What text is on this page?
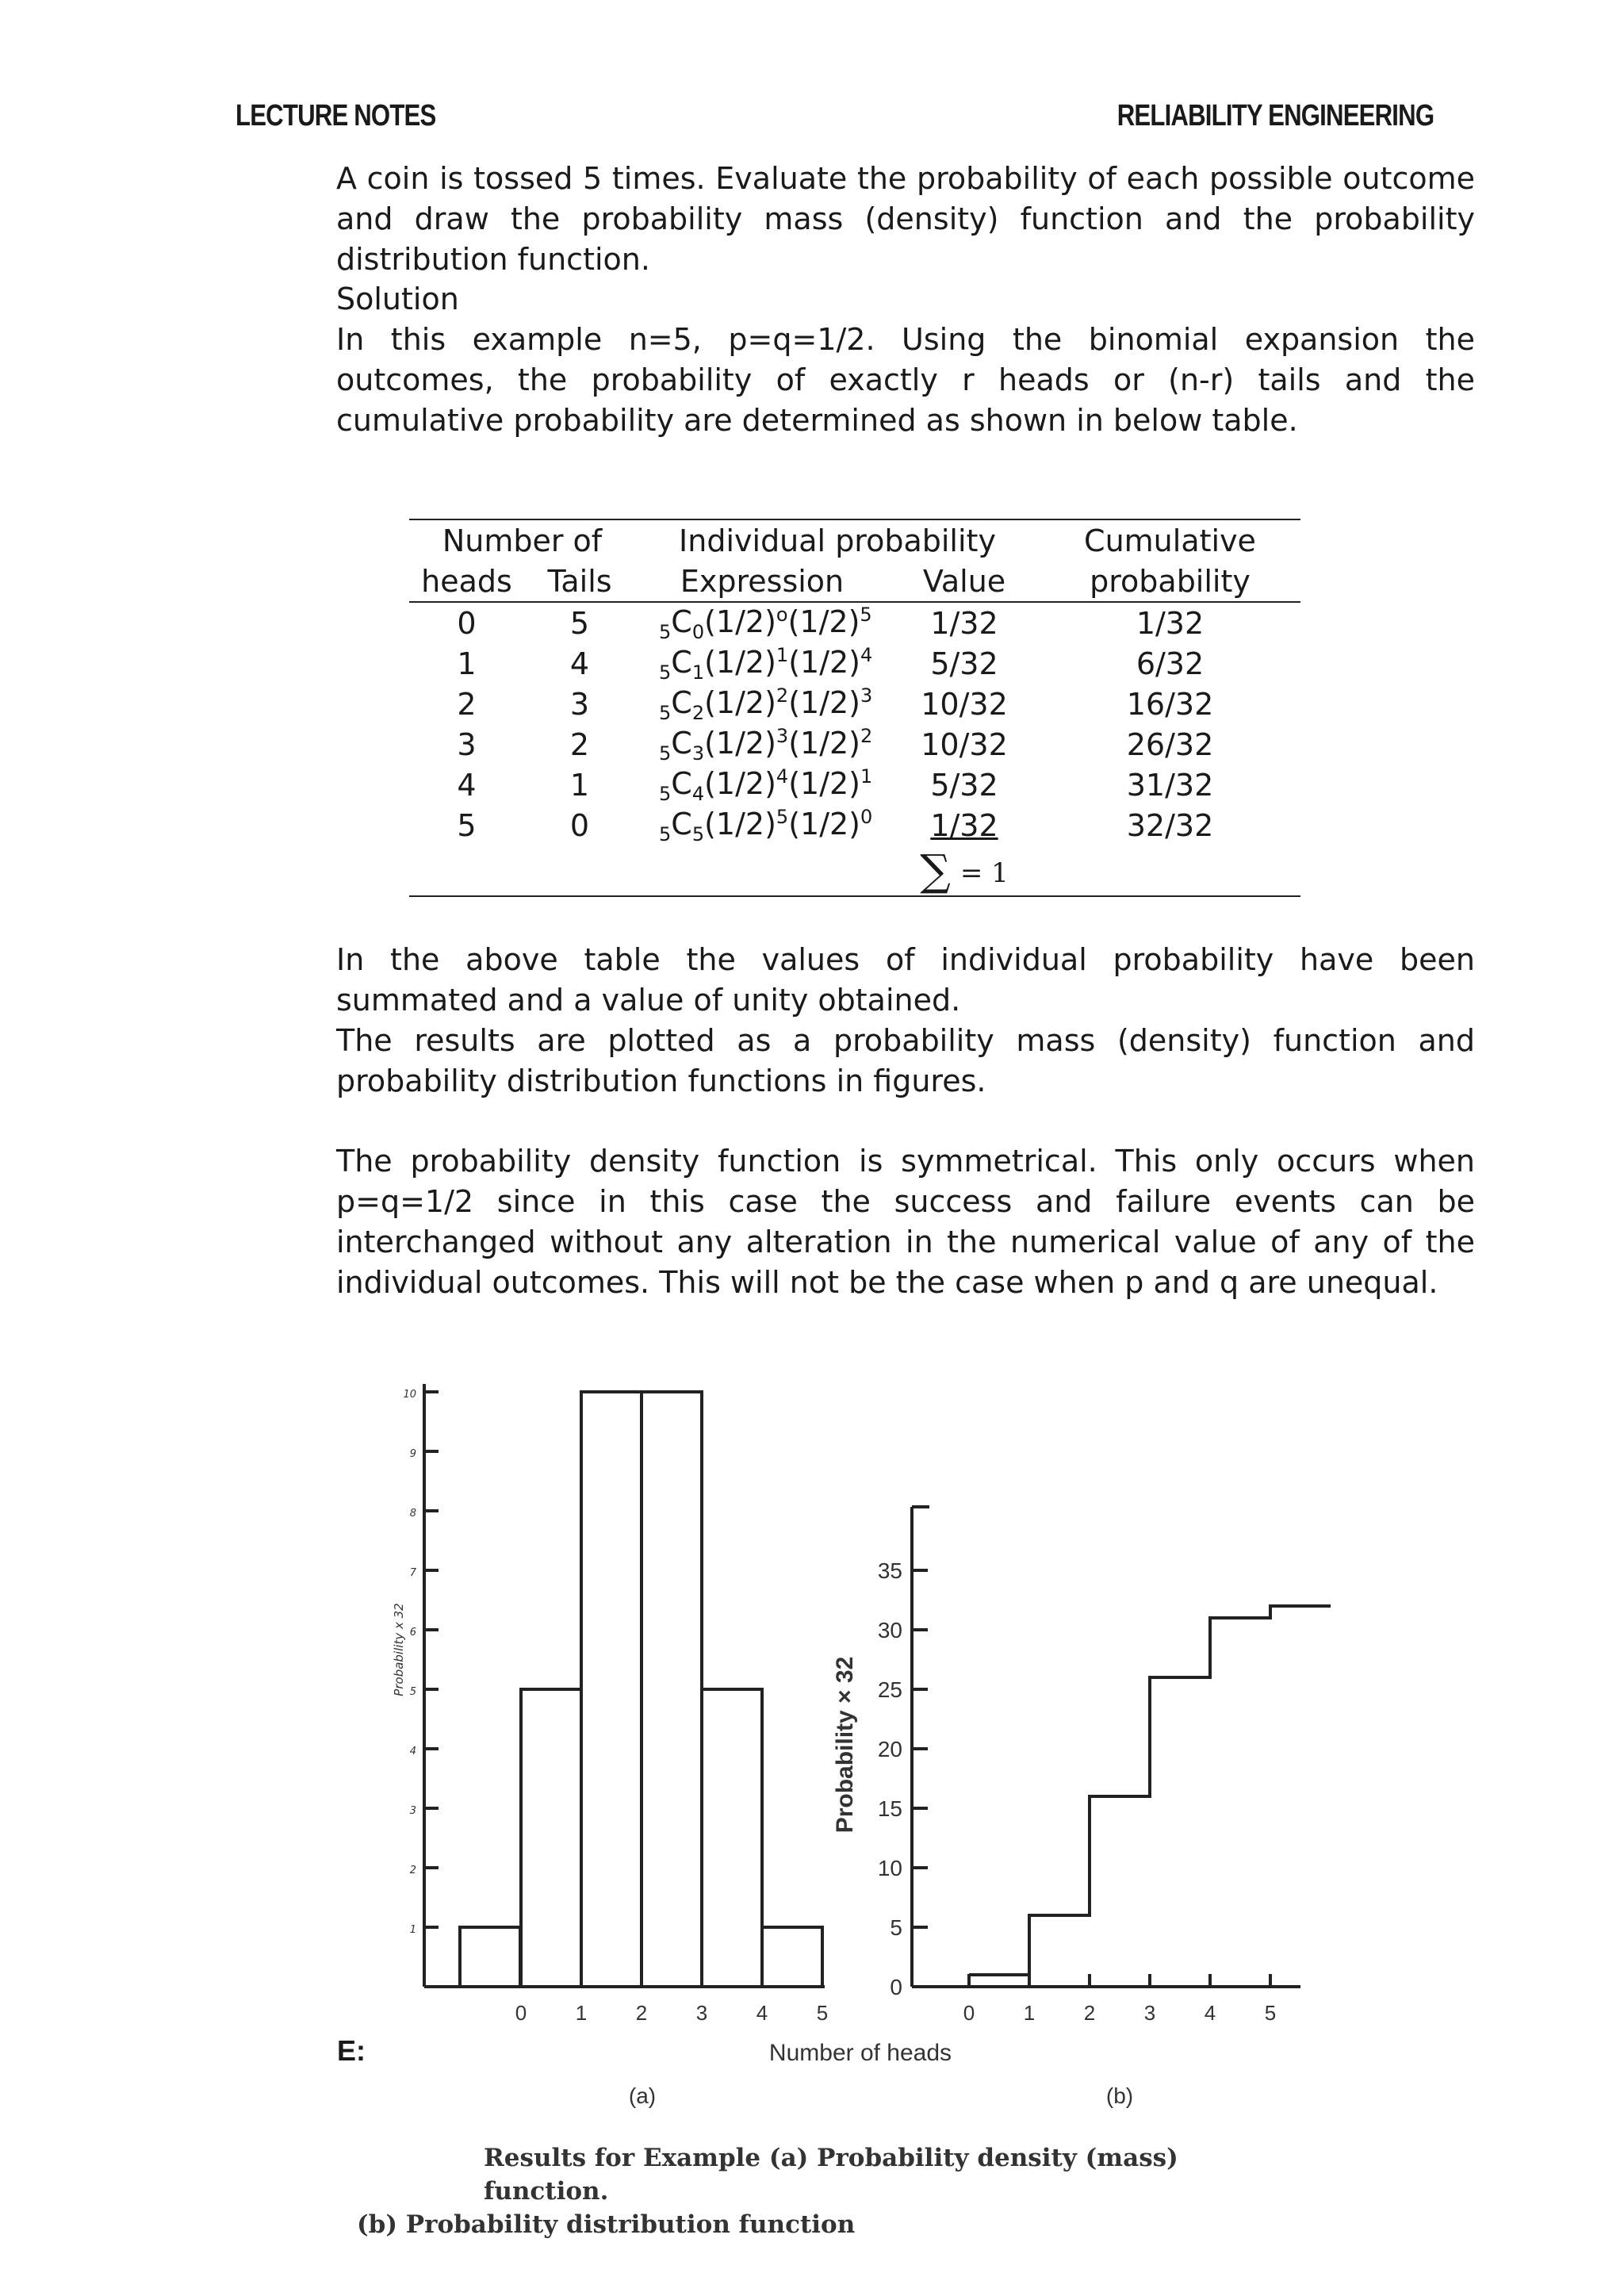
LECTURE NOTES	RELIABILITY ENGINEERING

A coin is tossed 5 times. Evaluate the probability of each possible outcome and draw the probability mass (density) function and the probability distribution function.

Solution

In this example n=5, p=q=1/2. Using the binomial expansion the outcomes, the probability of exactly r heads or (n-r) tails and the cumulative probability are determined as shown in below table.

Number of		Individual probability		Cumulative
heads	Tails	Expression	Value	probability
0	5	$_5C_0(1/2)^o(1/2)^5$	1/32	1/32
1	4	$_5C_1(1/2)^1(1/2)^4$	5/32	6/32
2	3	$_5C_2(1/2)^2(1/2)^3$	10/32	16/32
3	2	$_5C_3(1/2)^3(1/2)^2$	10/32	26/32
4	1	$_5C_4(1/2)^4(1/2)^1$	5/32	31/32
5	0	$_5C_5(1/2)^5(1/2)^0$	1/32	32/32
			∑ = 1	

In the above table the values of individual probability have been summated and a value of unity obtained.

The results are plotted as a probability mass (density) function and probability distribution functions in figures.

The probability density function is symmetrical. This only occurs when p=q=1/2 since in this case the success and failure events can be interchanged without any alteration in the numerical value of any of the individual outcomes. This will not be the case when p and q are unequal.

1
2
3
4
5
6
7
8
9
10
0 1 2 3 4 5
Probability x 32
(a)
0
5
10
15
20
25
30
35
0 1 2 3 4 5
Probability × 32
(b)
Number of heads
E:
Results for Example (a) Probability density (mass) function.
(b) Probability distribution function
